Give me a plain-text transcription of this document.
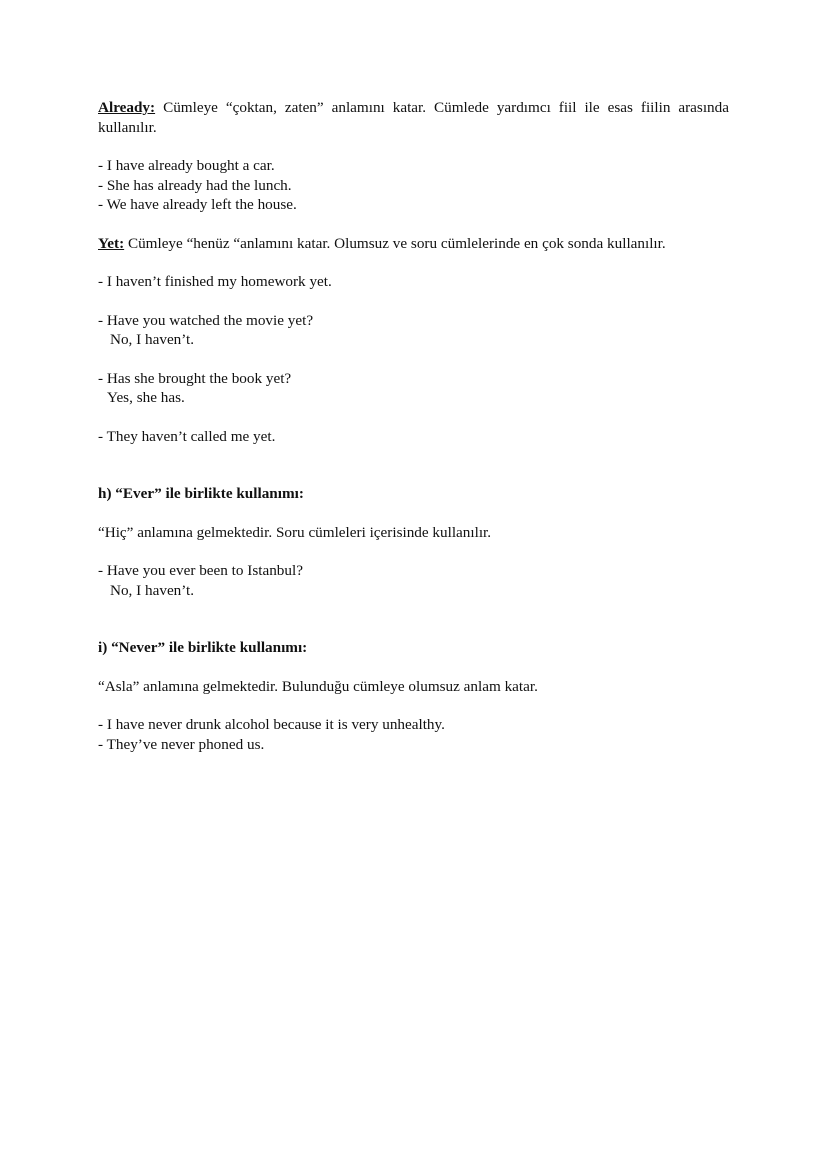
Already: Cümleye “çoktan, zaten” anlamını katar. Cümlede yardımcı fiil ile esas fiilin arasında kullanılır.

- I have already bought a car.

- She has already had the lunch.

- We have already left the house.

Yet: Cümleye “henüz “anlamını katar. Olumsuz ve soru cümlelerinde en çok sonda kullanılır.

- I haven’t finished my homework yet.

- Have you watched the movie yet?

No, I haven’t.

- Has she brought the book yet?

Yes, she has.

- They haven’t called me yet.

h) “Ever” ile birlikte kullanımı:

“Hiç” anlamına gelmektedir. Soru cümleleri içerisinde kullanılır.

- Have you ever been to Istanbul?

No, I haven’t.

i) “Never” ile birlikte kullanımı:

“Asla” anlamına gelmektedir. Bulunduğu cümleye olumsuz anlam katar.

- I have never drunk alcohol because it is very unhealthy.

- They’ve never phoned us.
